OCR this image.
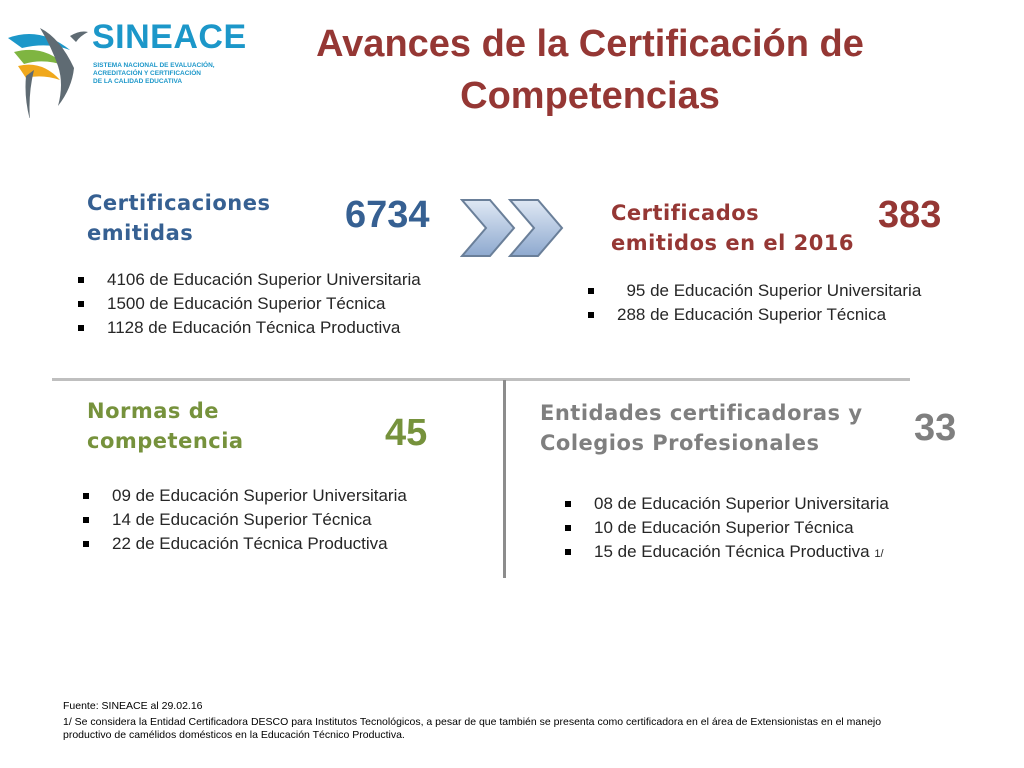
SINEACE
SISTEMA NACIONAL DE EVALUACIÓN,
ACREDITACIÓN Y CERTIFICACIÓN
DE LA CALIDAD EDUCATIVA
Avances de la Certificación de Competencias
Certificaciones
emitidas	6734
4106 de Educación Superior Universitaria
1500 de Educación Superior Técnica
1128 de Educación Técnica Productiva
Certificados
emitidos en el 2016
383
95 de Educación Superior Universitaria
288 de Educación Superior Técnica
Normas de
competencia	45
09 de Educación Superior Universitaria
14 de Educación Superior Técnica
22 de Educación Técnica Productiva
Entidades certificadoras y
Colegios Profesionales	33
08 de Educación Superior Universitaria
10 de Educación Superior Técnica
15 de Educación Técnica Productiva 1/
Fuente: SINEACE al 29.02.16
1/ Se considera la Entidad Certificadora DESCO para Institutos Tecnológicos, a pesar de que también se presenta como certificadora en el área de Extensionistas en el manejo
productivo de camélidos domésticos en la Educación Técnico Productiva.
